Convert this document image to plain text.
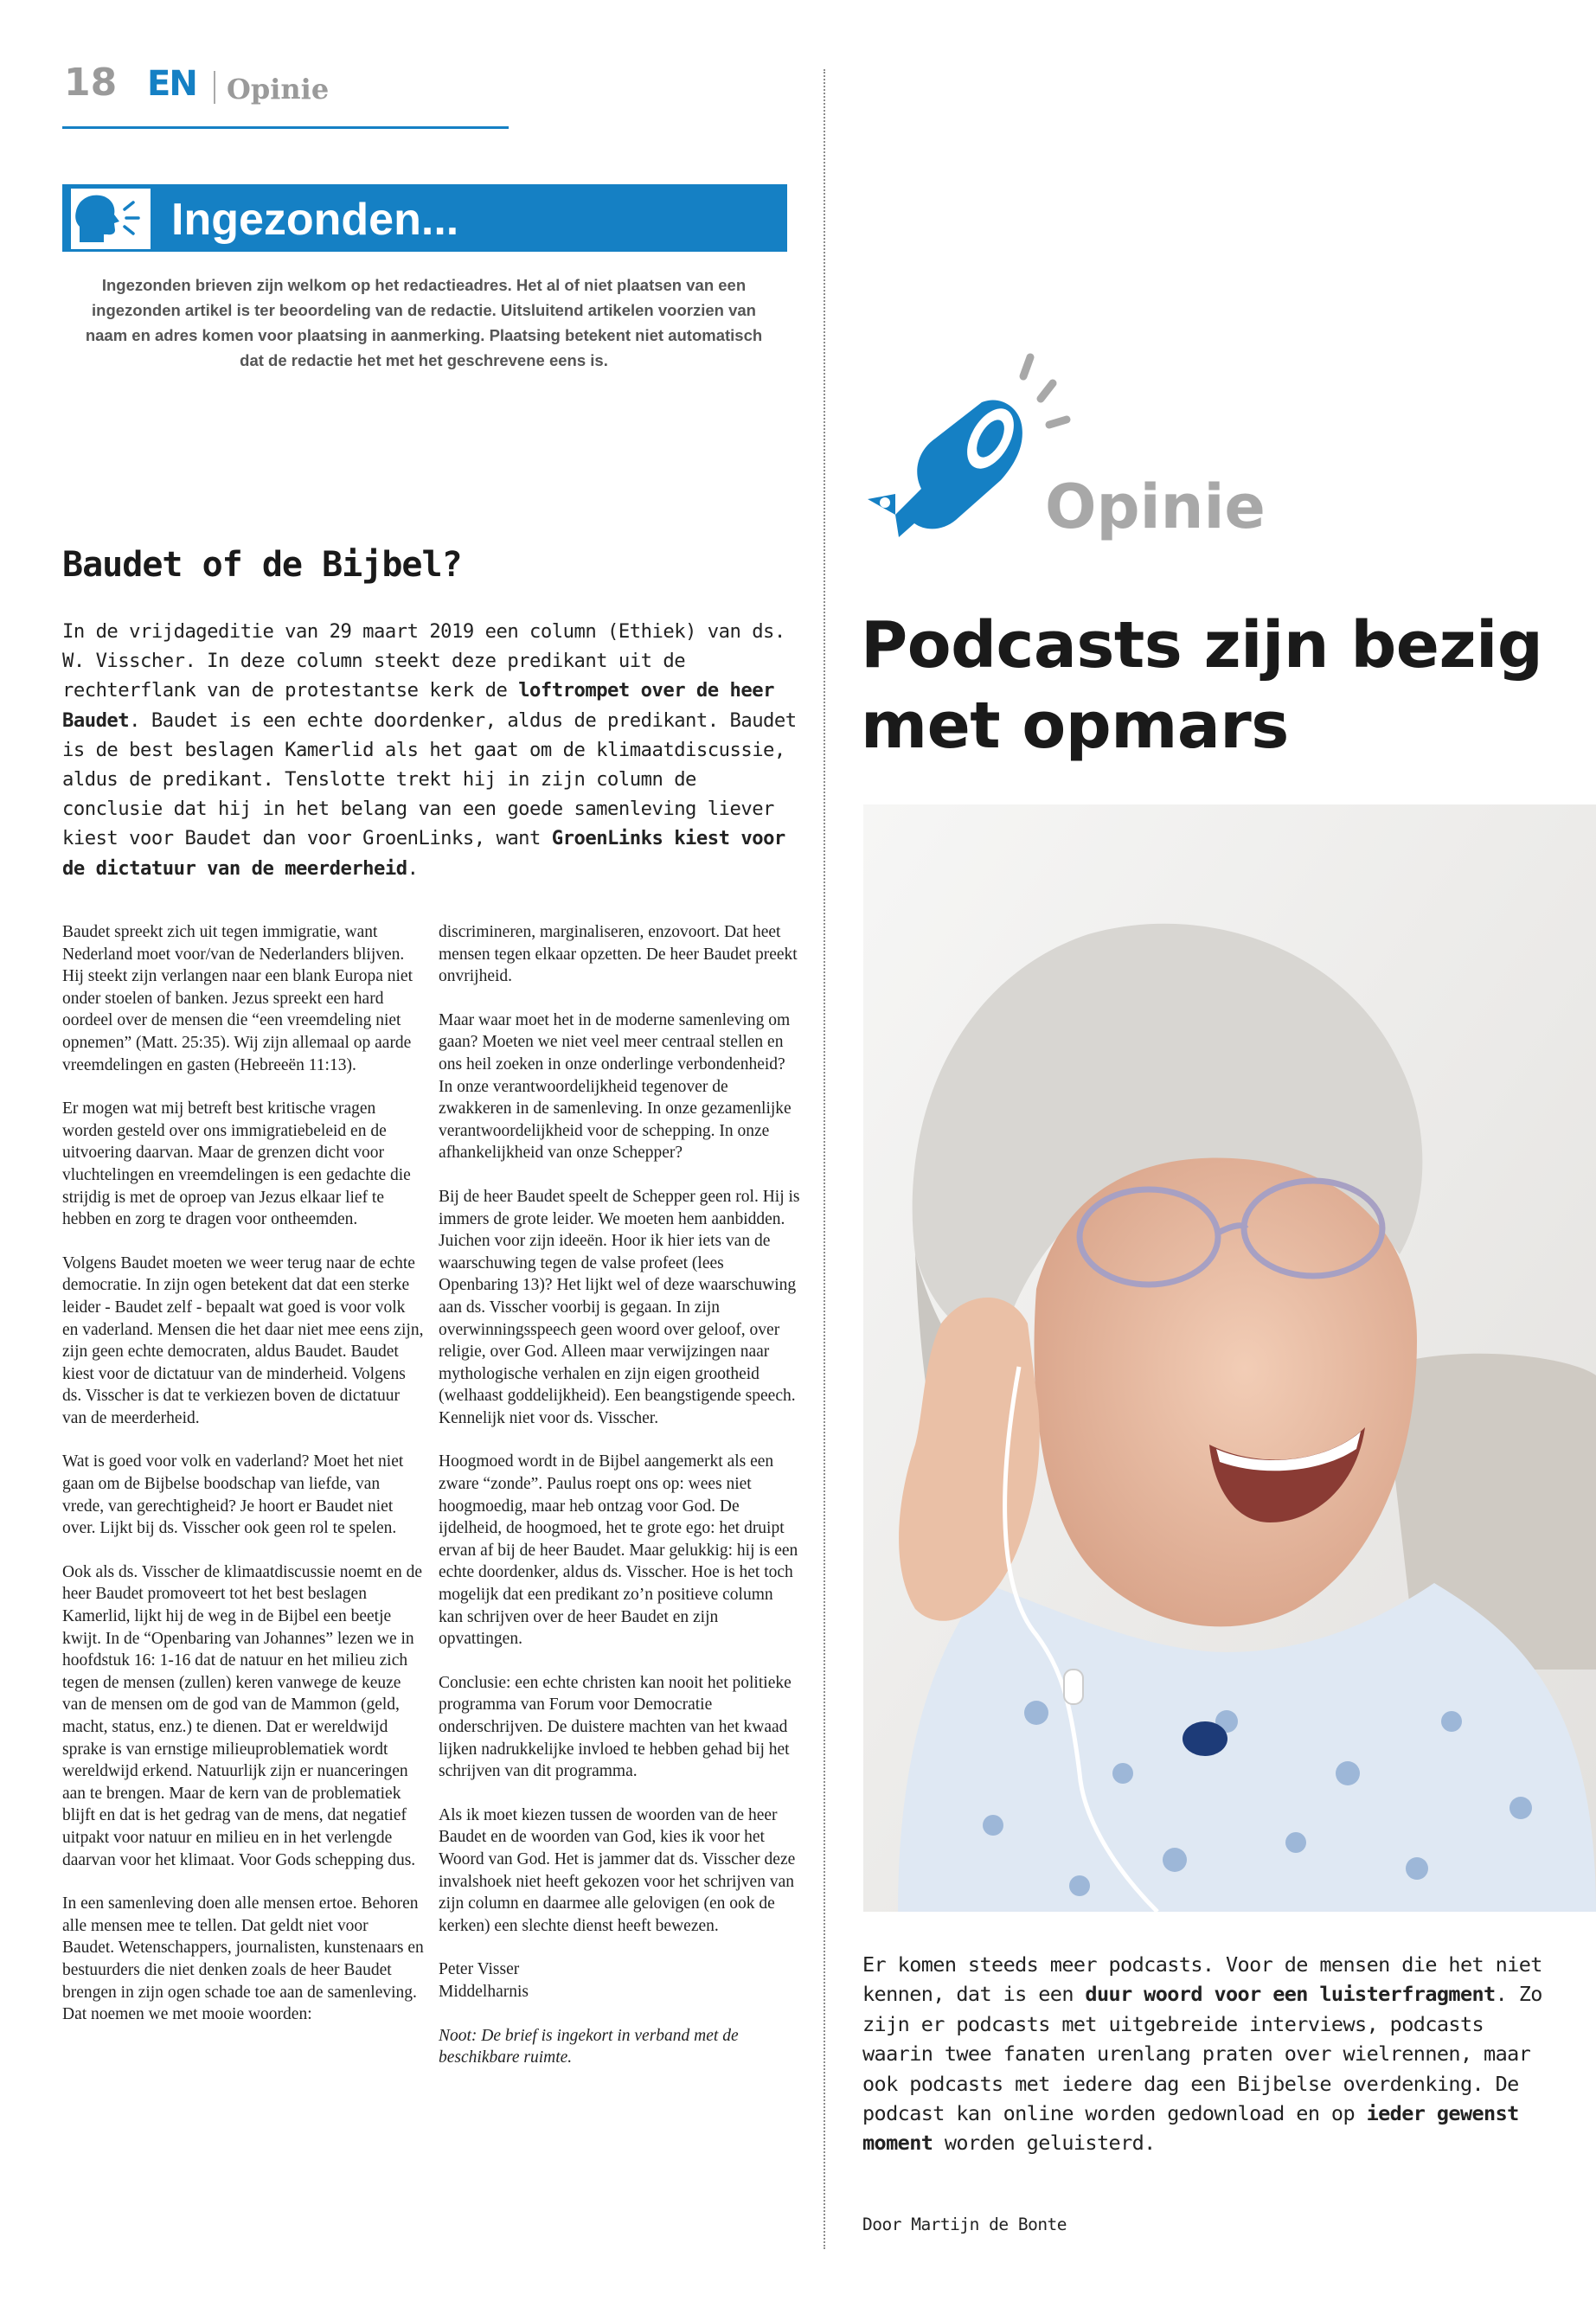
18 EN Opinie
Ingezonden...
Ingezonden brieven zijn welkom op het redactieadres. Het al of niet plaatsen van een ingezonden artikel is ter beoordeling van de redactie. Uitsluitend artikelen voorzien van naam en adres komen voor plaatsing in aanmerking. Plaatsing betekent niet automatisch dat de redactie het met het geschrevene eens is.
Baudet of de Bijbel?
In de vrijdageditie van 29 maart 2019 een column (Ethiek) van ds. W. Visscher. In deze column steekt deze predikant uit de rechterflank van de protestantse kerk de loftrompet over de heer Baudet. Baudet is een echte doordenker, aldus de predikant. Baudet is de best beslagen Kamerlid als het gaat om de klimaatdiscussie, aldus de predikant. Tenslotte trekt hij in zijn column de conclusie dat hij in het belang van een goede samenleving liever kiest voor Baudet dan voor GroenLinks, want GroenLinks kiest voor de dictatuur van de meerderheid.

Baudet spreekt zich uit tegen immigratie, want Nederland moet voor/van de Nederlanders blijven. Hij steekt zijn verlangen naar een blank Europa niet onder stoelen of banken. Jezus spreekt een hard oordeel over de mensen die “een vreemdeling niet opnemen” (Matt. 25:35). Wij zijn allemaal op aarde vreemdelingen en gasten (Hebreeën 11:13).

Er mogen wat mij betreft best kritische vragen worden gesteld over ons immigratiebeleid en de uitvoering daarvan. Maar de grenzen dicht voor vluchtelingen en vreemdelingen is een gedachte die strijdig is met de oproep van Jezus elkaar lief te hebben en zorg te dragen voor ontheemden.

Volgens Baudet moeten we weer terug naar de echte democratie. In zijn ogen betekent dat dat een sterke leider - Baudet zelf - bepaalt wat goed is voor volk en vaderland. Mensen die het daar niet mee eens zijn, zijn geen echte democraten, aldus Baudet. Baudet kiest voor de dictatuur van de minderheid. Volgens ds. Visscher is dat te verkiezen boven de dictatuur van de meerderheid.

Wat is goed voor volk en vaderland? Moet het niet gaan om de Bijbelse boodschap van liefde, van vrede, van gerechtigheid? Je hoort er Baudet niet over. Lijkt bij ds. Visscher ook geen rol te spelen.

Ook als ds. Visscher de klimaatdiscussie noemt en de heer Baudet promoveert tot het best beslagen Kamerlid, lijkt hij de weg in de Bijbel een beetje kwijt. In de “Openbaring van Johannes” lezen we in hoofdstuk 16: 1-16 dat de natuur en het milieu zich tegen de mensen (zullen) keren vanwege de keuze van de mensen om de god van de Mammon (geld, macht, status, enz.) te dienen. Dat er wereldwijd sprake is van ernstige milieuproblematiek wordt wereldwijd erkend. Natuurlijk zijn er nuanceringen aan te brengen. Maar de kern van de problematiek blijft en dat is het gedrag van de mens, dat negatief uitpakt voor natuur en milieu en in het verlengde daarvan voor het klimaat. Voor Gods schepping dus.

In een samenleving doen alle mensen ertoe. Behoren alle mensen mee te tellen. Dat geldt niet voor Baudet. Wetenschappers, journalisten, kunstenaars en bestuurders die niet denken zoals de heer Baudet brengen in zijn ogen schade toe aan de samenleving. Dat noemen we met mooie woorden:

discrimineren, marginaliseren, enzovoort. Dat heet mensen tegen elkaar opzetten. De heer Baudet preekt onvrijheid.

Maar waar moet het in de moderne samenleving om gaan? Moeten we niet veel meer centraal stellen en ons heil zoeken in onze onderlinge verbondenheid? In onze verantwoordelijkheid tegenover de zwakkeren in de samenleving. In onze gezamenlijke verantwoordelijkheid voor de schepping. In onze afhankelijkheid van onze Schepper?

Bij de heer Baudet speelt de Schepper geen rol. Hij is immers de grote leider. We moeten hem aanbidden. Juichen voor zijn ideeën. Hoor ik hier iets van de waarschuwing tegen de valse profeet (lees Openbaring 13)? Het lijkt wel of deze waarschuwing aan ds. Visscher voorbij is gegaan. In zijn overwinningsspeech geen woord over geloof, over religie, over God. Alleen maar verwijzingen naar mythologische verhalen en zijn eigen grootheid (welhaast goddelijkheid). Een beangstigende speech. Kennelijk niet voor ds. Visscher.

Hoogmoed wordt in de Bijbel aangemerkt als een zware “zonde”. Paulus roept ons op: wees niet hoogmoedig, maar heb ontzag voor God. De ijdelheid, de hoogmoed, het te grote ego: het druipt ervan af bij de heer Baudet. Maar gelukkig: hij is een echte doordenker, aldus ds. Visscher. Hoe is het toch mogelijk dat een predikant zo’n positieve column kan schrijven over de heer Baudet en zijn opvattingen.

Conclusie: een echte christen kan nooit het politieke programma van Forum voor Democratie onderschrijven. De duistere machten van het kwaad lijken nadrukkelijke invloed te hebben gehad bij het schrijven van dit programma.

Als ik moet kiezen tussen de woorden van de heer Baudet en de woorden van God, kies ik voor het Woord van God. Het is jammer dat ds. Visscher deze invalshoek niet heeft gekozen voor het schrijven van zijn column en daarmee alle gelovigen (en ook de kerken) een slechte dienst heeft bewezen.

Peter Visser
Middelharnis

Noot: De brief is ingekort in verband met de beschikbare ruimte.

Opinie
Podcasts zijn bezig met opmars
Er komen steeds meer podcasts. Voor de mensen die het niet kennen, dat is een duur woord voor een luisterfragment. Zo zijn er podcasts met uitgebreide interviews, podcasts waarin twee fanaten urenlang praten over wielrennen, maar ook podcasts met iedere dag een Bijbelse overdenking. De podcast kan online worden gedownload en op ieder gewenst moment worden geluisterd.
Door Martijn de Bonte
